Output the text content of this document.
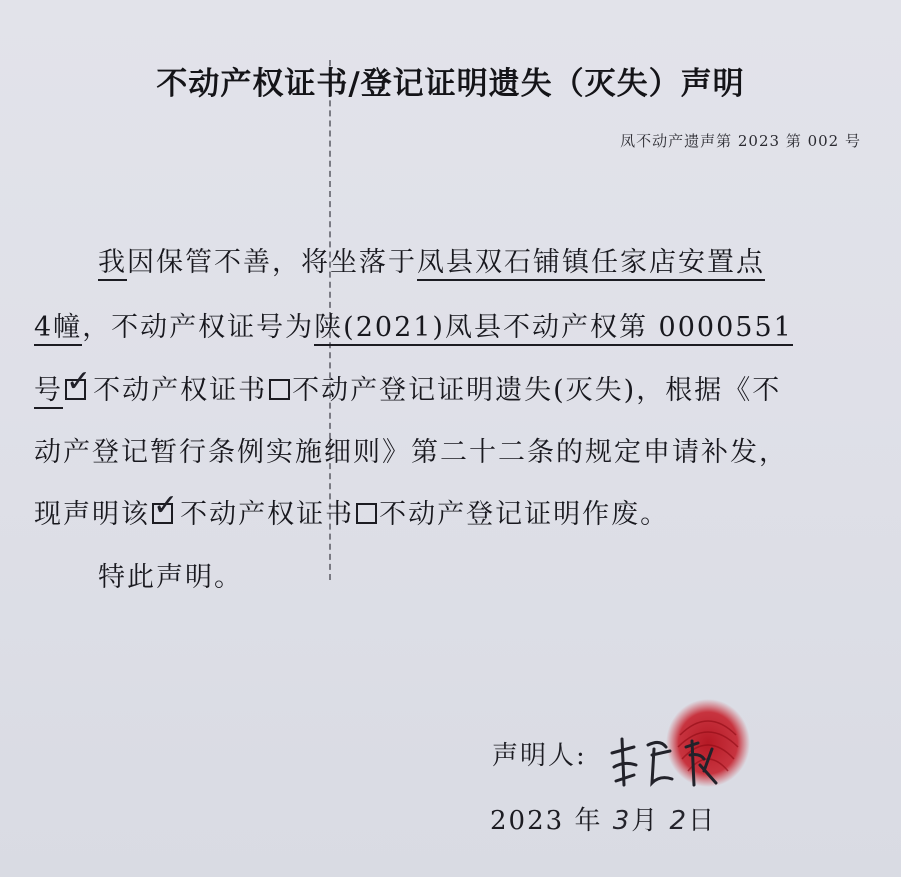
不动产权证书/登记证明遗失（灭失）声明
凤不动产遗声第 2023 第 002 号
我因保管不善，将坐落于凤县双石铺镇任家店安置点
4幢，不动产权证号为陕(2021)凤县不动产权第 0000551
号 ✓不动产权证书 不动产登记证明遗失(灭失)，根据《不
动产登记暂行条例实施细则》第二十二条的规定申请补发，
现声明该 ✓不动产权证书 不动产登记证明作废。
特此声明。
声明人:
2023 年 3月 2日
